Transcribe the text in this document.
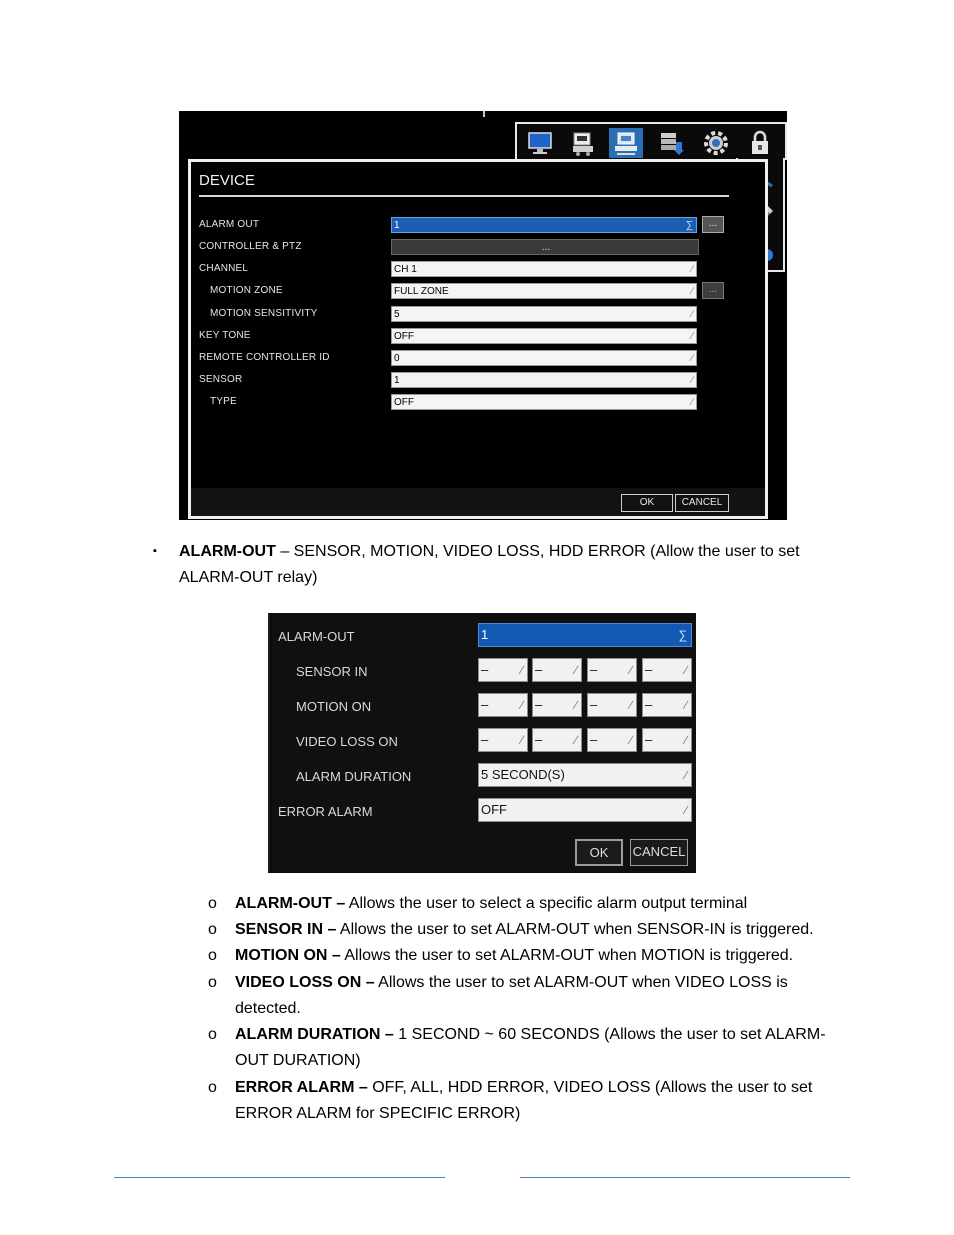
DEVICE
ALARM OUT	1	∑	...
CONTROLLER & PTZ	...
CHANNEL	CH 1	∕
MOTION ZONE	FULL ZONE	∕	...
MOTION SENSITIVITY	5	∕
KEY TONE	OFF	∕
REMOTE CONTROLLER ID	0	∕
SENSOR	1	∕
TYPE	OFF	∕
OK	CANCEL
▪ ALARM-OUT – SENSOR, MOTION, VIDEO LOSS, HDD ERROR (Allow the user to set
ALARM-OUT relay)
ALARM-OUT	1	∑
SENSOR IN	–	∕ –	∕ –	∕ –	∕
MOTION ON	–	∕ –	∕ –	∕ –	∕
VIDEO LOSS ON	–	∕ –	∕ –	∕ –	∕
ALARM DURATION	5 SECOND(S)	∕
ERROR ALARM	OFF	∕
OK	CANCEL
o ALARM-OUT – Allows the user to select a specific alarm output terminal
o SENSOR IN – Allows the user to set ALARM-OUT when SENSOR-IN is triggered.
o MOTION ON – Allows the user to set ALARM-OUT when MOTION is triggered.
o VIDEO LOSS ON – Allows the user to set ALARM-OUT when VIDEO LOSS is
detected.
o ALARM DURATION – 1 SECOND ~ 60 SECONDS (Allows the user to set ALARM-
OUT DURATION)
o ERROR ALARM – OFF, ALL, HDD ERROR, VIDEO LOSS (Allows the user to set
ERROR ALARM for SPECIFIC ERROR)
